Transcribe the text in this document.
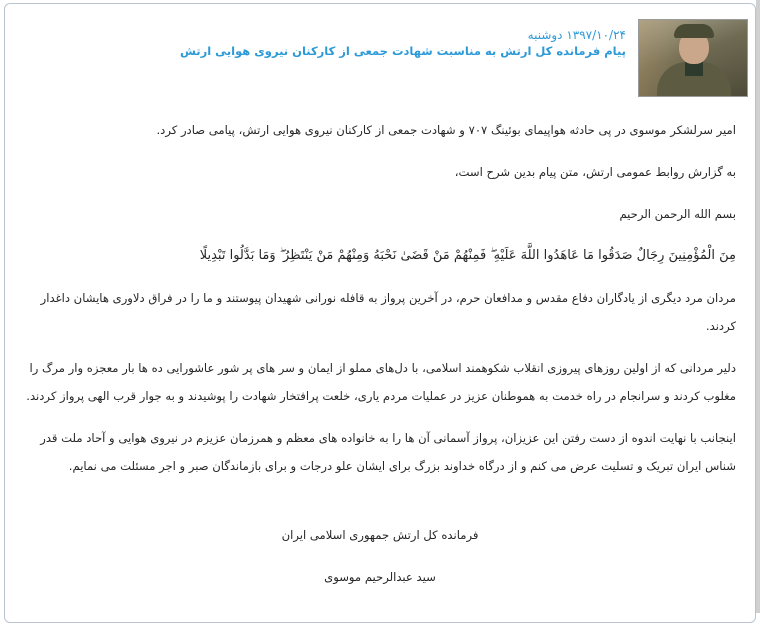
۱۳۹۷/۱۰/۲۴ دوشنبه
پیام فرمانده کل ارتش به مناسبت شهادت جمعی از کارکنان نیروی هوایی ارتش

امیر سرلشکر موسوی در پی حادثه هواپیمای بوئینگ ۷۰۷ و شهادت جمعی از کارکنان نیروی هوایی ارتش، پیامی صادر کرد.

به گزارش روابط عمومی ارتش، متن پیام بدین شرح است،

بسم الله الرحمن الرحیم

مِنَ الْمُؤْمِنِینَ رِجَالٌ صَدَقُوا مَا عَاهَدُوا اللَّهَ عَلَیْهِ ۖ فَمِنْهُمْ مَنْ قَضَیٰ نَحْبَهُ وَمِنْهُمْ مَنْ یَنْتَظِرُ ۖ وَمَا بَدَّلُوا تَبْدِیلًا

مردان مرد دیگری از یادگاران دفاع مقدس و مدافعان حرم، در آخرین پرواز به قافله نورانی شهیدان پیوستند و ما را در فراق دلاوری هایشان داغدار کردند.

دلیر مردانی که از اولین روزهای پیروزی انقلاب شکوهمند اسلامی، با دل‌های مملو از ایمان و سر های پر شور عاشورایی ده ها بار معجزه وار مرگ را مغلوب کردند و سرانجام در راه خدمت به هموطنان عزیز در عملیات مردم یاری، خلعت پرافتخار شهادت را پوشیدند و به جوار قرب الهی پرواز کردند.

اینجانب با نهایت اندوه از دست رفتن این عزیزان، پرواز آسمانی آن ها را به خانواده های معظم و همرزمان عزیزم در نیروی هوایی و آحاد ملت قدر شناس ایران تبریک و تسلیت عرض می کنم و از درگاه خداوند بزرگ برای ایشان علو درجات و برای بازماندگان صبر و اجر مسئلت می نمایم.

فرمانده کل ارتش جمهوری اسلامی ایران
سید عبدالرحیم موسوی
